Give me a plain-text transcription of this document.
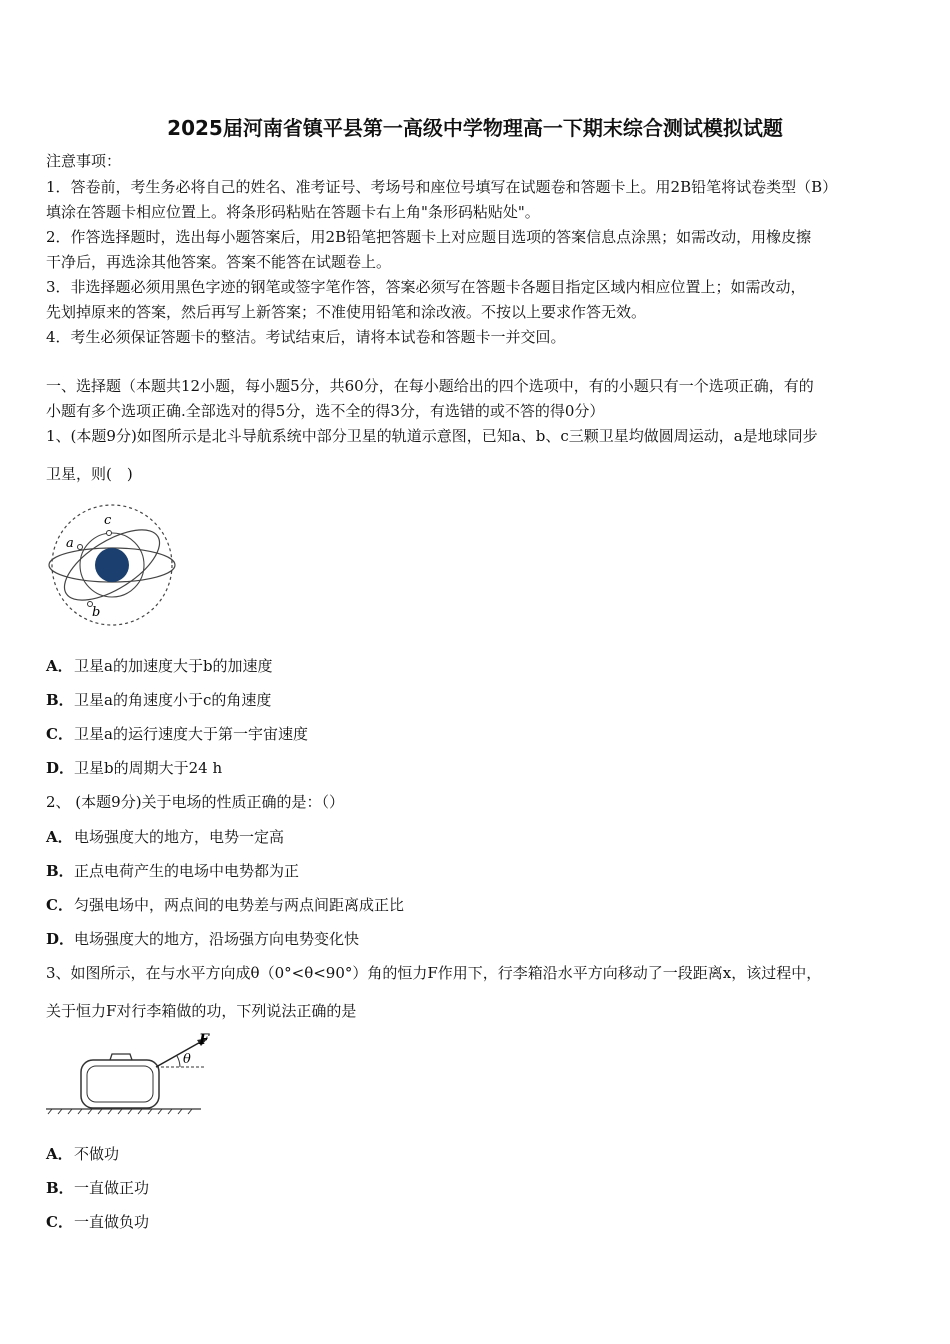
2025届河南省镇平县第一高级中学物理高一下期末综合测试模拟试题
注意事项：
1．答卷前，考生务必将自己的姓名、准考证号、考场号和座位号填写在试题卷和答题卡上。用2B铅笔将试卷类型（B）
填涂在答题卡相应位置上。将条形码粘贴在答题卡右上角"条形码粘贴处"。
2．作答选择题时，选出每小题答案后，用2B铅笔把答题卡上对应题目选项的答案信息点涂黑；如需改动，用橡皮擦
干净后，再选涂其他答案。答案不能答在试题卷上。
3．非选择题必须用黑色字迹的钢笔或签字笔作答，答案必须写在答题卡各题目指定区域内相应位置上；如需改动，
先划掉原来的答案，然后再写上新答案；不准使用铅笔和涂改液。不按以上要求作答无效。
4．考生必须保证答题卡的整洁。考试结束后，请将本试卷和答题卡一并交回。
一、选择题（本题共12小题，每小题5分，共60分，在每小题给出的四个选项中，有的小题只有一个选项正确，有的
小题有多个选项正确.全部选对的得5分，选不全的得3分，有选错的或不答的得0分）
1、(本题9分)如图所示是北斗导航系统中部分卫星的轨道示意图，已知a、b、c三颗卫星均做圆周运动，a是地球同步
卫星，则(　)
a
c
b
A．卫星a的加速度大于b的加速度
B．卫星a的角速度小于c的角速度
C．卫星a的运行速度大于第一宇宙速度
D．卫星b的周期大于24 h
2、 (本题9分)关于电场的性质正确的是：（）
A．电场强度大的地方，电势一定高
B．正点电荷产生的电场中电势都为正
C．匀强电场中，两点间的电势差与两点间距离成正比
D．电场强度大的地方，沿场强方向电势变化快
3、如图所示，在与水平方向成θ（0°<θ<90°）角的恒力F作用下，行李箱沿水平方向移动了一段距离x，该过程中，
关于恒力F对行李箱做的功，下列说法正确的是
F
θ
A．不做功
B．一直做正功
C．一直做负功
